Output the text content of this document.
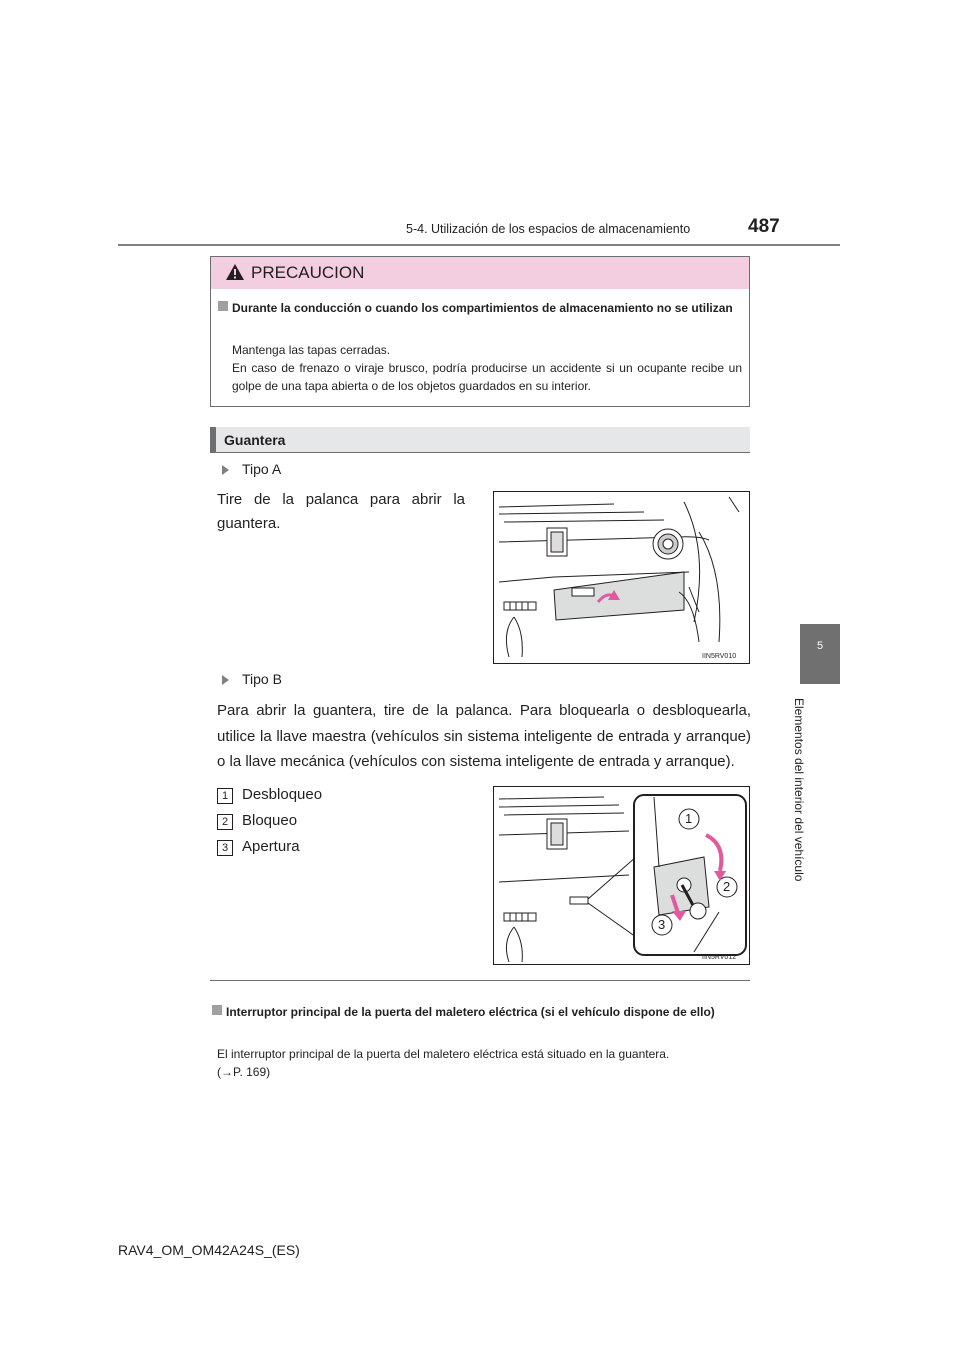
5-4. Utilización de los espacios de almacenamiento	487
5
Elementos del interior del vehículo
PRECAUCION
Durante la conducción o cuando los compartimientos de almacenamiento no se utilizan
Mantenga las tapas cerradas.
En caso de frenazo o viraje brusco, podría producirse un accidente si un ocupante recibe un golpe de una tapa abierta o de los objetos guardados en su interior.
Guantera
Tipo A
Tire de la palanca para abrir la guantera.
IIN5RV010
Tipo B
Para abrir la guantera, tire de la palanca. Para bloquearla o desbloquearla, utilice la llave maestra (vehículos sin sistema inteligente de entrada y arranque) o la llave mecánica (vehículos con sistema inteligente de entrada y arranque).
1 Desbloqueo
2 Bloqueo
3 Apertura
1
2
3
IIN5RV012
Interruptor principal de la puerta del maletero eléctrica (si el vehículo dispone de ello)
El interruptor principal de la puerta del maletero eléctrica está situado en la guantera.
(→P. 169)
RAV4_OM_OM42A24S_(ES)
